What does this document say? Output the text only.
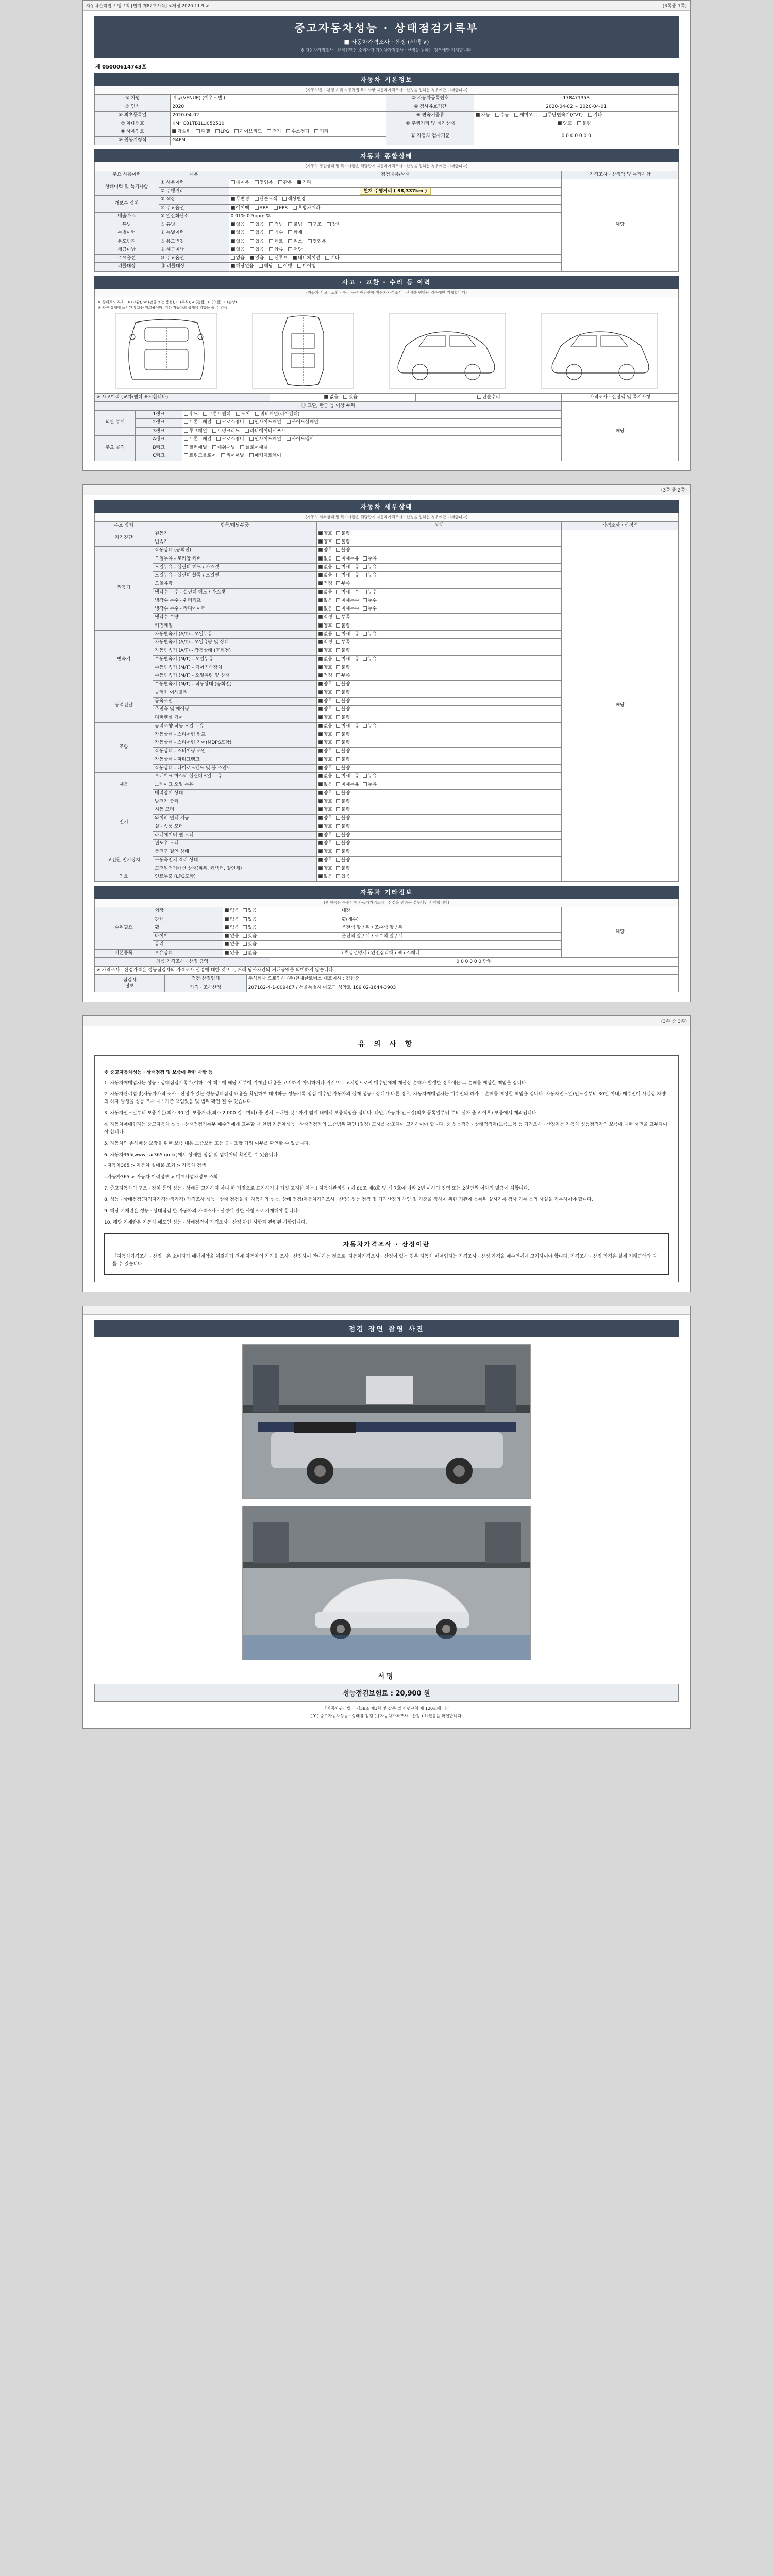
자동차관리법 시행규칙 [별지 제82호서식] <개정 2020.11.9.>	(3쪽중 1쪽)
중고자동차성능 · 상태점검기록부
■ 자동차가격조사 · 산정 (선택 ∨)
※ 자동차가격조사 · 산정선택은 소비자가 자동차가격조사 · 산정을 원하는 경우에만 기재합니다.
제 05000614743호
자동차 기본정보
(자동차법 기본정보 및 자동차법 특수사항 자동차가격조사 · 산정을 원하는 경우에만 기재합니다)
① 차명	베뉴(VENUE) (예우모델 )	② 자동차등록번호	178471353
③ 연식	2020	④ 검사유효기간	2020-04-02 ~ 2020-04-01
⑤ 최초등록일	2020-04-02	⑥ 변속기종류	자동 수동 세미오토 무단변속기(CVT) 기타
⑦ 차대번호	KMHC81TB1LU052510	⑩ 주행거리 및 계기상태	양호 불량
⑧ 사용연료	가솔린 디젤 LPG 하이브리드 전기 수소전기 기타	⑫ 자동차 검사기준	0 0 0 0 0 0 0
⑨ 원동기형식	G4FM		
자동차 종합상태
(자동차 종합상태 및 특수사항은 해당란에 자동차가격조사 · 산정을 원하는 경우에만 기재합니다)
주요 사용이력	내용	점검내용/상태	가격조사 · 산정액 및 특가사항
상태이력 및 특기사항	① 사용이력	대여용 영업용 관용 기타	해당
	② 주행거리	현재 주행거리 ( 38,337km )	
개보수 장치	③ 색상	무변경 단순도색 색상변경	
	④ 주요옵션	에어백 ABS EPS 후방카메라	
배출가스	⑤ 일산화탄소	0.01% 0.5ppm %	
튜닝	⑥ 튜닝	없음 있음 적법 불법 구조 장치	
특별이력	⑦ 특별이력	없음 있음 침수 화재	
용도변경	⑧ 용도변경	없음 있음 렌트 리스 영업용	
세금미납	⑨ 세금미납	없음 있음 압류 저당	
주요옵션	⑩ 주요옵션	없음 있음 선루프 내비게이션 기타	
리콜대상	⑪ 리콜대상	해당없음 해당 이행 미이행	
사고 · 교환 · 수리 등 이력
(자동차 사고 · 교환 · 수리 등은 해당란에 자동차가격조사 · 산정을 원하는 경우에만 기재합니다)
※ 상태표시 부호 : X (교환), W (판금 또는 용접), C (부식), A (흠집), U (요철), T (손상)
※ 차량 상태에 표시된 부호는 참고용이며, 기타 자동차의 상태에 영향을 줄 수 있음
※ 사고이력 (교차/펜더 표시합니다)	없음 있음	단순수리	가격조사 · 산정액 및 특기사항
⑫ 교환, 판금 등 이상 부위			해당
외판 부위	1랭크	후드 프론트펜더 도어 쿼터패널(리어펜더)	
	2랭크	프론트패널 크로스멤버 인사이드패널 사이드실패널	
	3랭크	루프패널 트렁크리드 라디에이터서포트	
주요 골격	A랭크	프론트패널 크로스멤버 인사이드패널 사이드멤버	
	B랭크	필러패널 대쉬패널 플로어패널	
	C랭크	트렁크플로어 리어패널 패키지트레이	

(3쪽 중 2쪽)
자동차 세부상태
(자동차 세부상태 및 특수사항은 해당란에 자동차가격조사 · 산정을 원하는 경우에만 기재합니다)
주요 장치	항목/해당부품	상태	가격조사 · 산정액
자기진단	원동기	양호 불량	해당
	변속기	양호 불량	
원동기	작동상태 (공회전)	양호 불량	
	오일누유 - 로커암 커버	없음 미세누유 누유	
	오일누유 - 실린더 헤드 / 가스켓	없음 미세누유 누유	
	오일누유 - 실린더 블록 / 오일팬	없음 미세누유 누유	
	오일유량	적정 부족	
	냉각수 누수 - 실린더 헤드 / 가스켓	없음 미세누수 누수	
	냉각수 누수 - 워터펌프	없음 미세누수 누수	
	냉각수 누수 - 라디에이터	없음 미세누수 누수	
	냉각수 수량	적정 부족	
	커먼레일	양호 불량	
변속기	자동변속기 (A/T) - 오일누유	없음 미세누유 누유	
	자동변속기 (A/T) - 오일유량 및 상태	적정 부족	
	자동변속기 (A/T) - 작동상태 (공회전)	양호 불량	
	수동변속기 (M/T) - 오일누유	없음 미세누유 누유	
	수동변속기 (M/T) - 기어변속장치	양호 불량	
	수동변속기 (M/T) - 오일유량 및 상태	적정 부족	
	수동변속기 (M/T) - 작동상태 (공회전)	양호 불량	
동력전달	클러치 어셈블리	양호 불량	
	등속조인트	양호 불량	
	추진축 및 베어링	양호 불량	
	디퍼렌셜 기어	양호 불량	
조향	동력조향 작동 오일 누유	없음 미세누유 누유	
	작동상태 - 스티어링 펌프	양호 불량	
	작동상태 - 스티어링 기어(MDPS포함)	양호 불량	
	작동상태 - 스티어링 조인트	양호 불량	
	작동상태 - 파워크랭크	양호 불량	
	작동상태 - 타이로드엔드 및 볼 조인트	양호 불량	
제동	브레이크 마스터 실린더오일 누유	없음 미세누유 누유	
	브레이크 오일 누유	없음 미세누유 누유	
	배력장치 상태	양호 불량	
전기	발전기 출력	양호 불량	
	시동 모터	양호 불량	
	와이퍼 덜터 기능	양호 불량	
	실내송풍 모터	양호 불량	
	라디에이터 팬 모터	양호 불량	
	윈도우 모터	양호 불량	
고전원 전기장치	충전구 절연 상태	양호 불량	
	구동축전지 격리 상태	양호 불량	
	고전원전기배선 상태(피복, 커넥터, 절연체)	양호 불량	
연료	연료누출 (LPG포함)	없음 있음	
자동차 기타정보
(※ 항목은 특수사항 자동차가격조사 · 산정을 원하는 경우에만 기재합니다)
수리필요	외장	없음 있음	내장	해당
	광택	없음 있음	휠(개수)	
	휠	없음 있음	운전석 앞 / 뒤 / 조수석 앞 / 뒤	
	타이어	없음 있음	운전석 앞 / 뒤 / 조수석 앞 / 뒤	
	유리	없음 있음		
기본품목	보유상태	있음 없음	î 취급설명서 î 안전삼각대 î 잭 î 스패너	
최종 가격조사 · 산정 금액	0 0 0 0 0 0 만원
※ 가격조사 · 산정가격은 성능점검자의 가격조사 산정에 대한 것으로, 거래 당사자간의 거래금액을 의미하지 않습니다.
점검자
정보	점검·산정업체	주식회사 오토인사 (주)현대글로비스 대표이사 : 김한준
	가격 · 조사산정	207182-4-1-009487 / 서울특별시 마포구 성암로 189 02-1644-3903

(3쪽 중 3쪽)
유 의 사 항
※ 중고자동차성능 · 상태점검 및 보증에 관한 사항 등

1. 자동차매매업자는 성능 · 상태점검기록부(이하 ' 이 책 ' 에 해당 세부에 기재된 내용을 고지하지 아니하거나 거짓으로 고지함으로써 매수인에게 재산상 손해가 발생한 경우에는 그 손해를 배상할 책임을 집니다.

2. 자동차관리법령(자동차가격 조사 · 산정가 있는 성능상태점검 내용을 확인하여 대비하는 성능기록 점검 매수인 자동차의 실제 성능 · 상태가 다른 경우, 자동차매매업자는 매수인의 하자로 손해를 배상할 책임을 집니다. 자동차인도일(인도일부터 30일 이내) 매수인이 사실상 차량의 하자 발생을 성능 조사 시 ' 기준 책임있음 및 범위 확인 될 수 있습니다.

3. 자동차인도일부터 보증기간(최소 30 일, 보증거리(최소 2,000 킬로미터) 중 먼저 도래한 것 ' 까지 범위 내에서 보증책임을 집니다. 다만, 자동차 인도일(최초 등록일부터 부터 신차 출고 이후) 보증에서 제외됩니다.

4. 자동차매매업자는 중고자동차 성능 · 상태점검기록부 매수인에게 교부할 때 현행 자동차성능 · 상태점검자의 보증범위 확인 (결정) 고시를 참조하여 고지하여야 합니다. 중 성능점검 · 상태점검자(보증보험 등 가격조사 · 산정자는 자동차 성능점검자의 보증에 대한 서면을 교부하여야 합니다.

5. 자동차의 손해배상 보장을 위한 보증 내용 보증보험 또는 공제조합 가입 여부를 확인할 수 있습니다.

6. 자동차365(www.car365.go.kr)에서 상세한 점검 및 업데이터 확인할 수 있습니다.

- 자동차365 > 자동차 실매물 조회 > 자동차 검색

- 자동차365 > 자동차 이력정보 > 매매사업자정보 조회

7. 중고자동차의 구조 · 장치 등의 성능 · 상태를 고지하지 아니 한 거짓으로 표기하거나 거짓 고지한 자는 ( 자동차관리법 ) 제 80조 제8호 및 제 7호에 따라 2년 이하의 징역 또는 2천만원 이하의 벌금에 처합니다.

8. 성능 · 상태점검(자격자가격산정가격) 가격조사 성능 · 상태 점검을 한 자동차의 성능, 상태 점검(자동차가격조사 · 산정) 성능 점검 및 가격산정의 책임 및 기준을 정하여 위한 기관에 등록된 실시기록 검사 기록 등의 사실을 기록하여야 합니다.

9. 해당 기재란은 성능 · 상태점검 한 자동차의 가격조사 · 산정에 관한 사항으로 기재해야 합니다.

10. 해당 기재란은 자동차 매도인 성능 · 상태점검이 가격조사 · 산정 관한 사항과 관련된 사항입니다.

자동차가격조사 · 산정이란
「자동차가격조사 · 산정」은 소비자가 매매계약을 체결하기 전에 자동차의 가격을 조사 · 산정하여 안내하는 것으로, 자동차가격조사 · 산정이 있는 경우 자동차 매매업자는 가격조사 · 산정 가격을 매수인에게 고지하여야 합니다. 가격조사 · 산정 가격은 실제 거래금액과 다를 수 있습니다.

점검 장면 촬영 사진
서명
성능점검보험료 : 20,900 원
「자동차관리법」 제58조 제1항 및 같은 법 시행규칙 제 120조에 따라
[ Y ] 중고자동차성능 · 상태를 점검 [ ] 자동차가격조사 · 산정 ) 하였음을 확인합니다.
